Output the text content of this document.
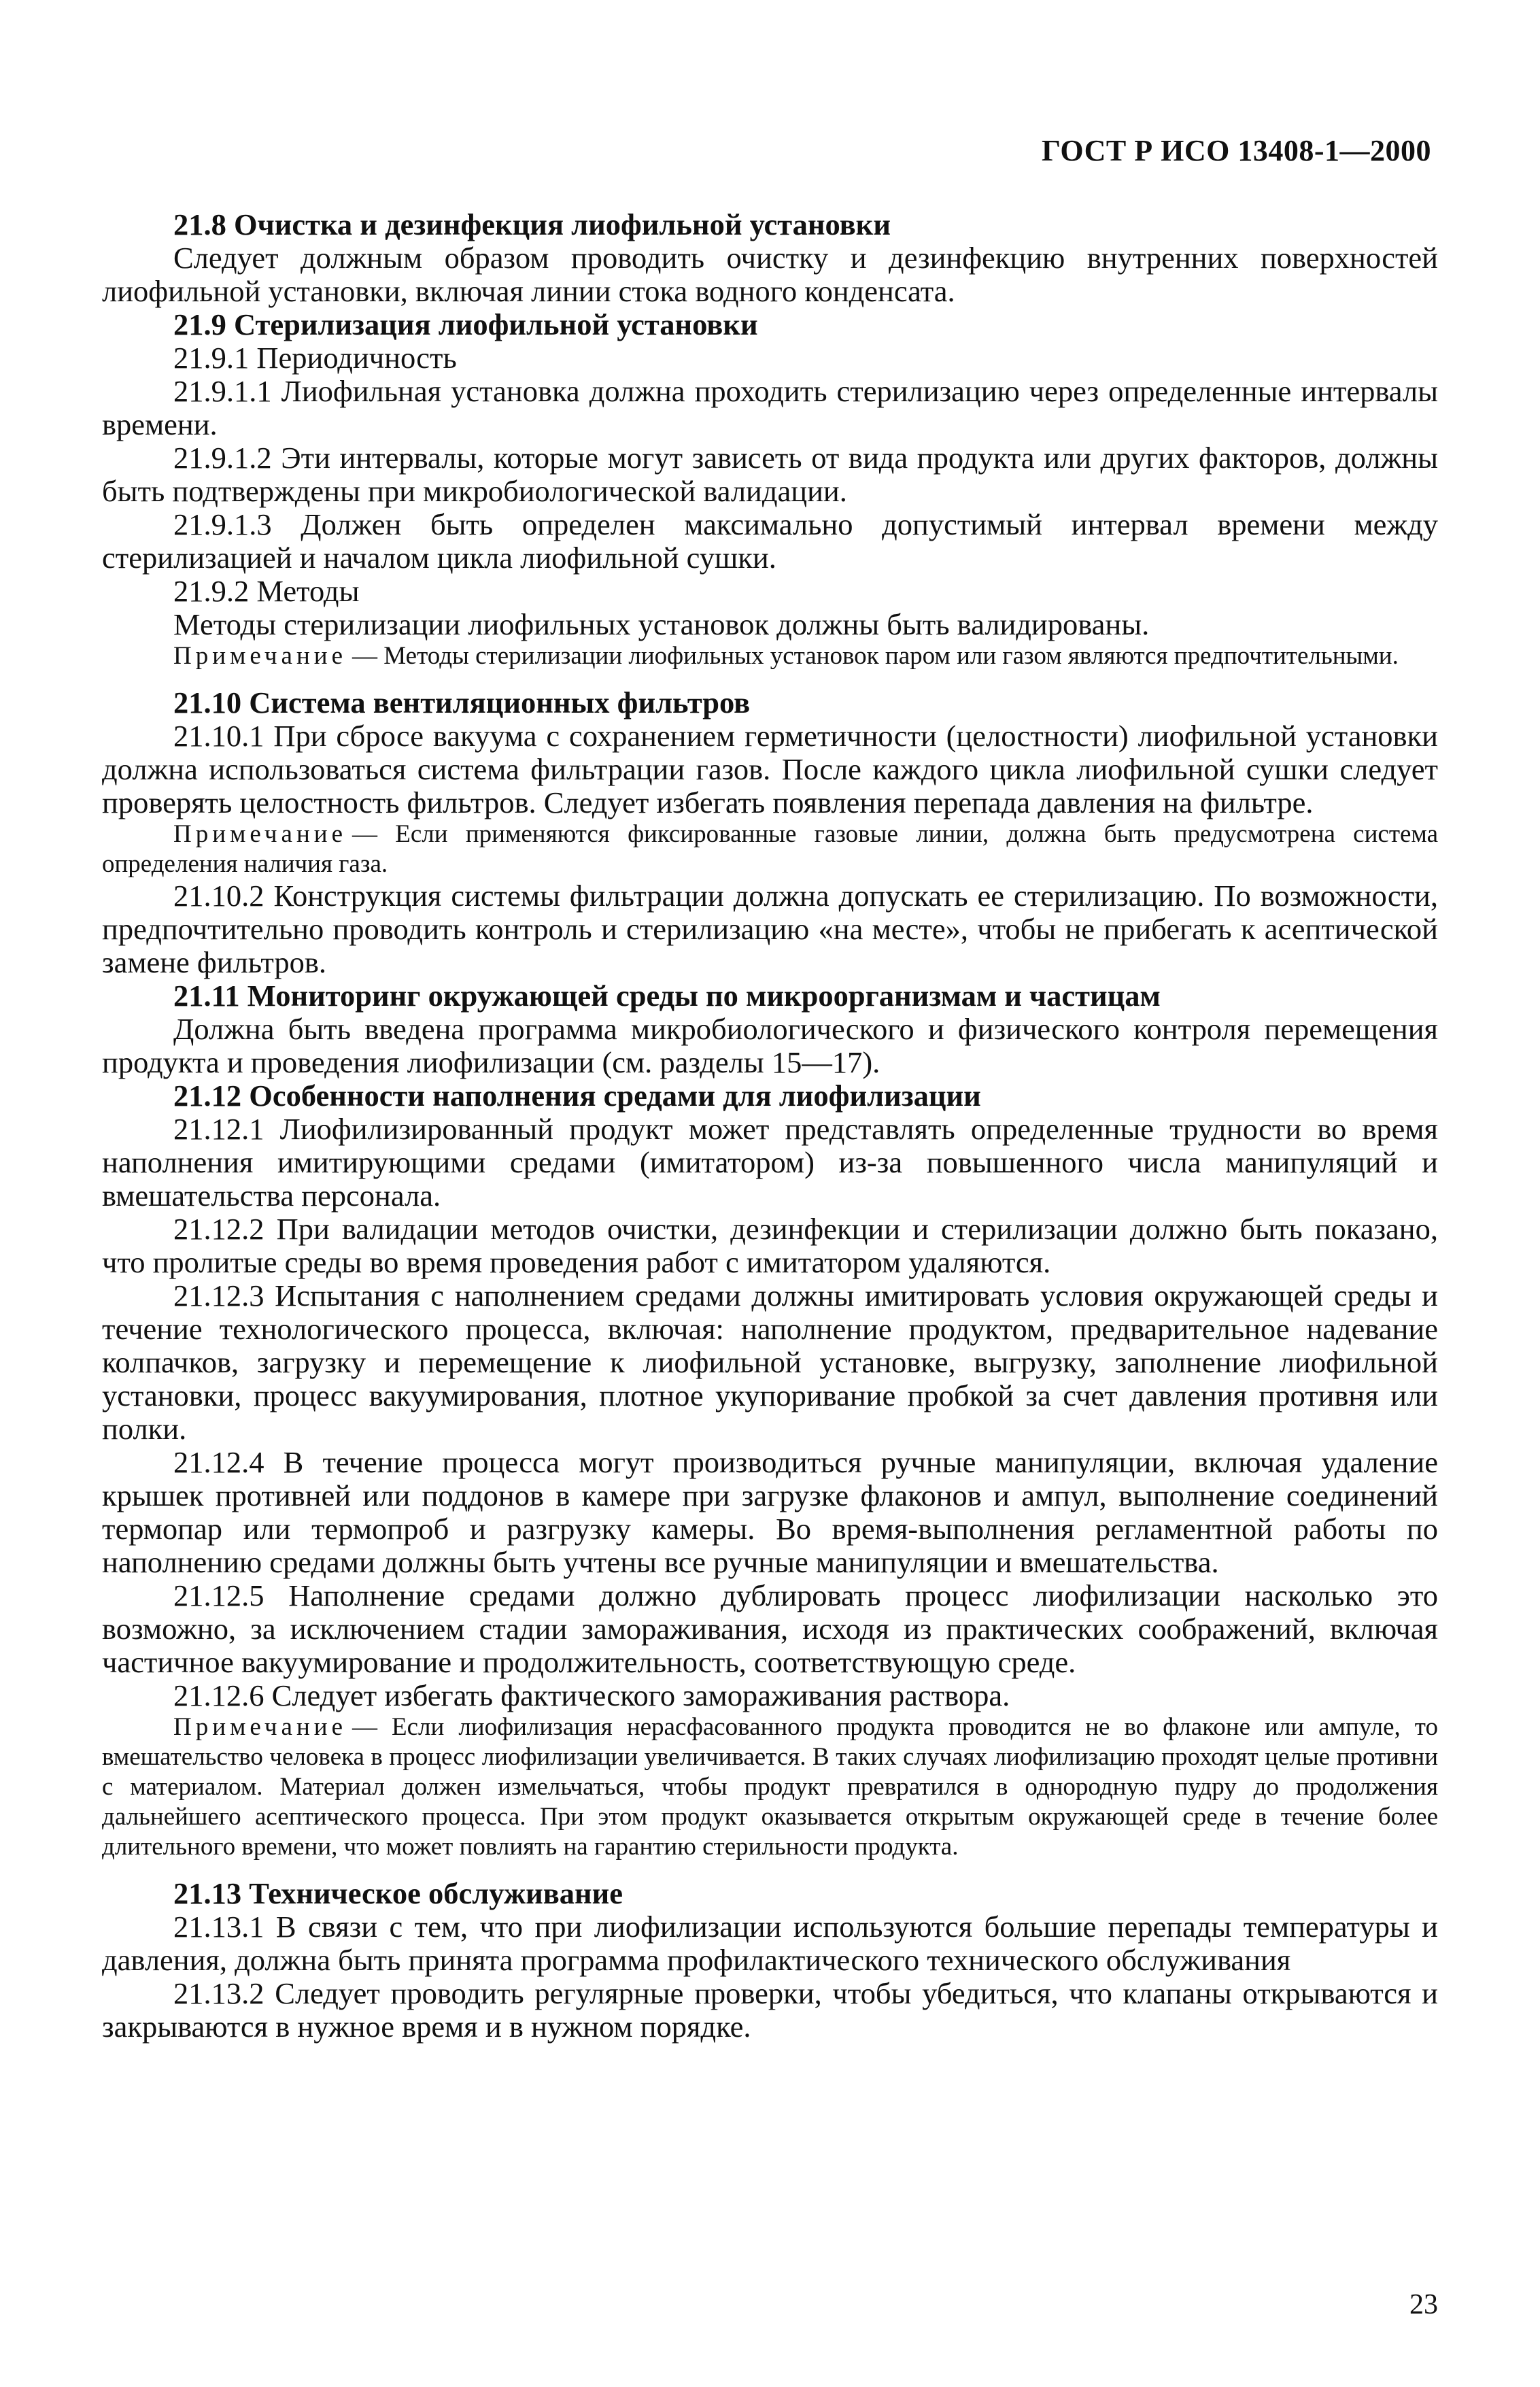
ГОСТ Р ИСО 13408-1—2000
21.8 Очистка и дезинфекция лиофильной установки

Следует должным образом проводить очистку и дезинфекцию внутренних поверхностей лиофильной установки, включая линии стока водного конденсата.

21.9 Стерилизация лиофильной установки

21.9.1 Периодичность

21.9.1.1 Лиофильная установка должна проходить стерилизацию через определенные интервалы времени.

21.9.1.2 Эти интервалы, которые могут зависеть от вида продукта или других факторов, должны быть подтверждены при микробиологической валидации.

21.9.1.3 Должен быть определен максимально допустимый интервал времени между стерилизацией и началом цикла лиофильной сушки.

21.9.2 Методы

Методы стерилизации лиофильных установок должны быть валидированы.

Примечание — Методы стерилизации лиофильных установок паром или газом являются предпочтительными.

21.10 Система вентиляционных фильтров

21.10.1 При сбросе вакуума с сохранением герметичности (целостности) лиофильной установки должна использоваться система фильтрации газов. После каждого цикла лиофильной сушки следует проверять целостность фильтров. Следует избегать появления перепада давления на фильтре.

Примечание — Если применяются фиксированные газовые линии, должна быть предусмотрена система определения наличия газа.

21.10.2 Конструкция системы фильтрации должна допускать ее стерилизацию. По возможности, предпочтительно проводить контроль и стерилизацию «на месте», чтобы не прибегать к асептической замене фильтров.

21.11 Мониторинг окружающей среды по микроорганизмам и частицам

Должна быть введена программа микробиологического и физического контроля перемещения продукта и проведения лиофилизации (см. разделы 15—17).

21.12 Особенности наполнения средами для лиофилизации

21.12.1 Лиофилизированный продукт может представлять определенные трудности во время наполнения имитирующими средами (имитатором) из-за повышенного числа манипуляций и вмешательства персонала.

21.12.2 При валидации методов очистки, дезинфекции и стерилизации должно быть показано, что пролитые среды во время проведения работ с имитатором удаляются.

21.12.3 Испытания с наполнением средами должны имитировать условия окружающей среды и течение технологического процесса, включая: наполнение продуктом, предварительное надевание колпачков, загрузку и перемещение к лиофильной установке, выгрузку, заполнение лиофильной установки, процесс вакуумирования, плотное укупоривание пробкой за счет давления противня или полки.

21.12.4 В течение процесса могут производиться ручные манипуляции, включая удаление крышек противней или поддонов в камере при загрузке флаконов и ампул, выполнение соединений термопар или термопроб и разгрузку камеры. Во время-выполнения регламентной работы по наполнению средами должны быть учтены все ручные манипуляции и вмешательства.

21.12.5 Наполнение средами должно дублировать процесс лиофилизации насколько это возможно, за исключением стадии замораживания, исходя из практических соображений, включая частичное вакуумирование и продолжительность, соответствующую среде.

21.12.6 Следует избегать фактического замораживания раствора.

Примечание — Если лиофилизация нерасфасованного продукта проводится не во флаконе или ампуле, то вмешательство человека в процесс лиофилизации увеличивается. В таких случаях лиофилизацию проходят целые противни с материалом. Материал должен измельчаться, чтобы продукт превратился в однородную пудру до продолжения дальнейшего асептического процесса. При этом продукт оказывается открытым окружающей среде в течение более длительного времени, что может повлиять на гарантию стерильности продукта.

21.13 Техническое обслуживание

21.13.1 В связи с тем, что при лиофилизации используются большие перепады температуры и давления, должна быть принята программа профилактического технического обслуживания

21.13.2 Следует проводить регулярные проверки, чтобы убедиться, что клапаны открываются и закрываются в нужное время и в нужном порядке.

23
